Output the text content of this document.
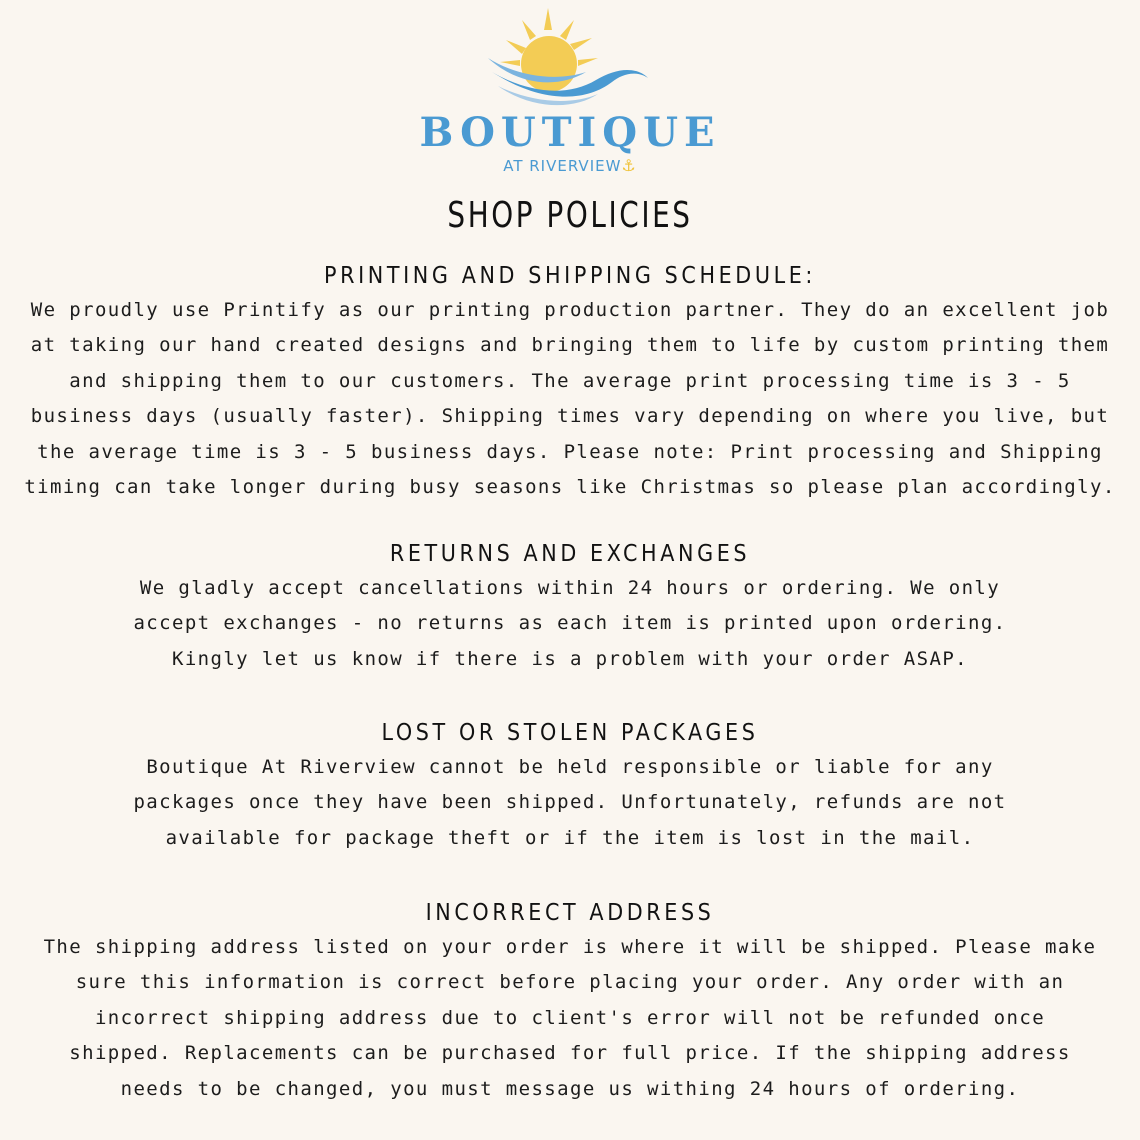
BOUTIQUE
AT RIVERVIEW⚓
SHOP POLICIES
PRINTING AND SHIPPING SCHEDULE:

We proudly use Printify as our printing production partner. They do an excellent job at taking our hand created designs and bringing them to life by custom printing them and shipping them to our customers. The average print processing time is 3 - 5 business days (usually faster). Shipping times vary depending on where you live, but the average time is 3 - 5 business days. Please note: Print processing and Shipping timing can take longer during busy seasons like Christmas so please plan accordingly.

RETURNS AND EXCHANGES

We gladly accept cancellations within 24 hours or ordering. We only accept exchanges - no returns as each item is printed upon ordering. Kingly let us know if there is a problem with your order ASAP.

LOST OR STOLEN PACKAGES

Boutique At Riverview cannot be held responsible or liable for any packages once they have been shipped. Unfortunately, refunds are not available for package theft or if the item is lost in the mail.

INCORRECT ADDRESS

The shipping address listed on your order is where it will be shipped. Please make sure this information is correct before placing your order. Any order with an incorrect shipping address due to client's error will not be refunded once shipped. Replacements can be purchased for full price. If the shipping address needs to be changed, you must message us withing 24 hours of ordering.
